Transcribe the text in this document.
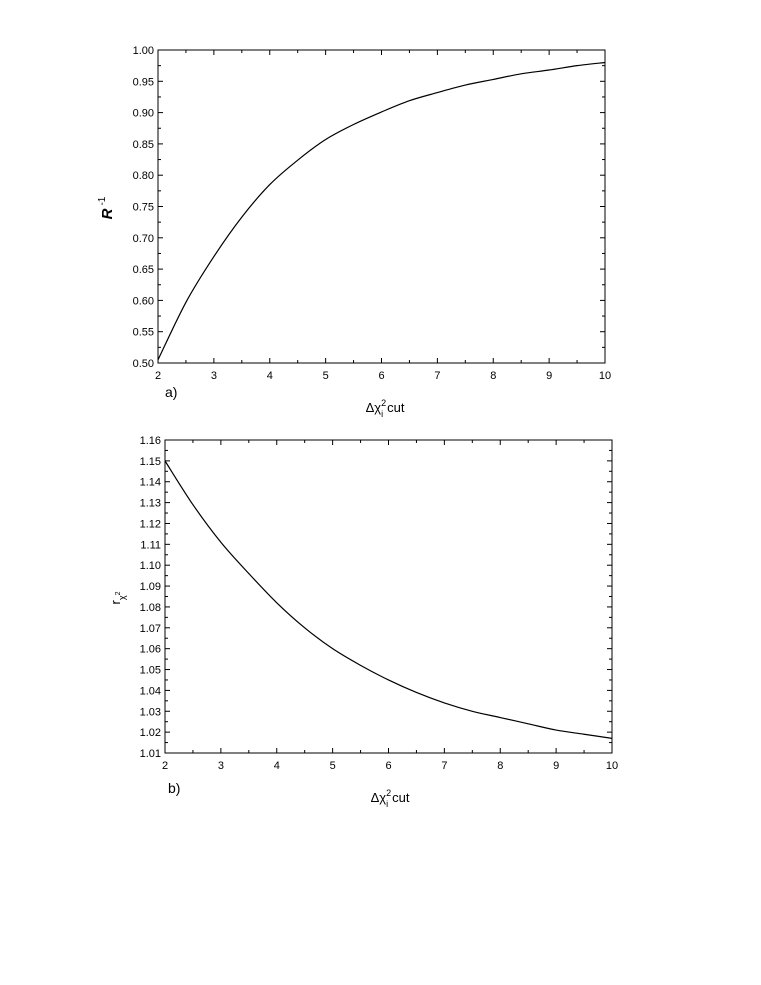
2	3	4	5	6	7	8	9	10
0.50
0.55
0.60
0.65
0.70
0.75
0.80
0.85
0.90
0.95
1.00
a)
$\Delta\chi^2$ i cut
$R^{-1}$
2	3	4	5	6	7	8	9	10
1.01
1.02
1.03
1.04
1.05
1.06
1.07
1.08
1.09
1.10
1.11
1.12
1.13
1.14
1.15
1.16
b)
$\Delta\chi^2$ i cut
$r_\chi^2$
